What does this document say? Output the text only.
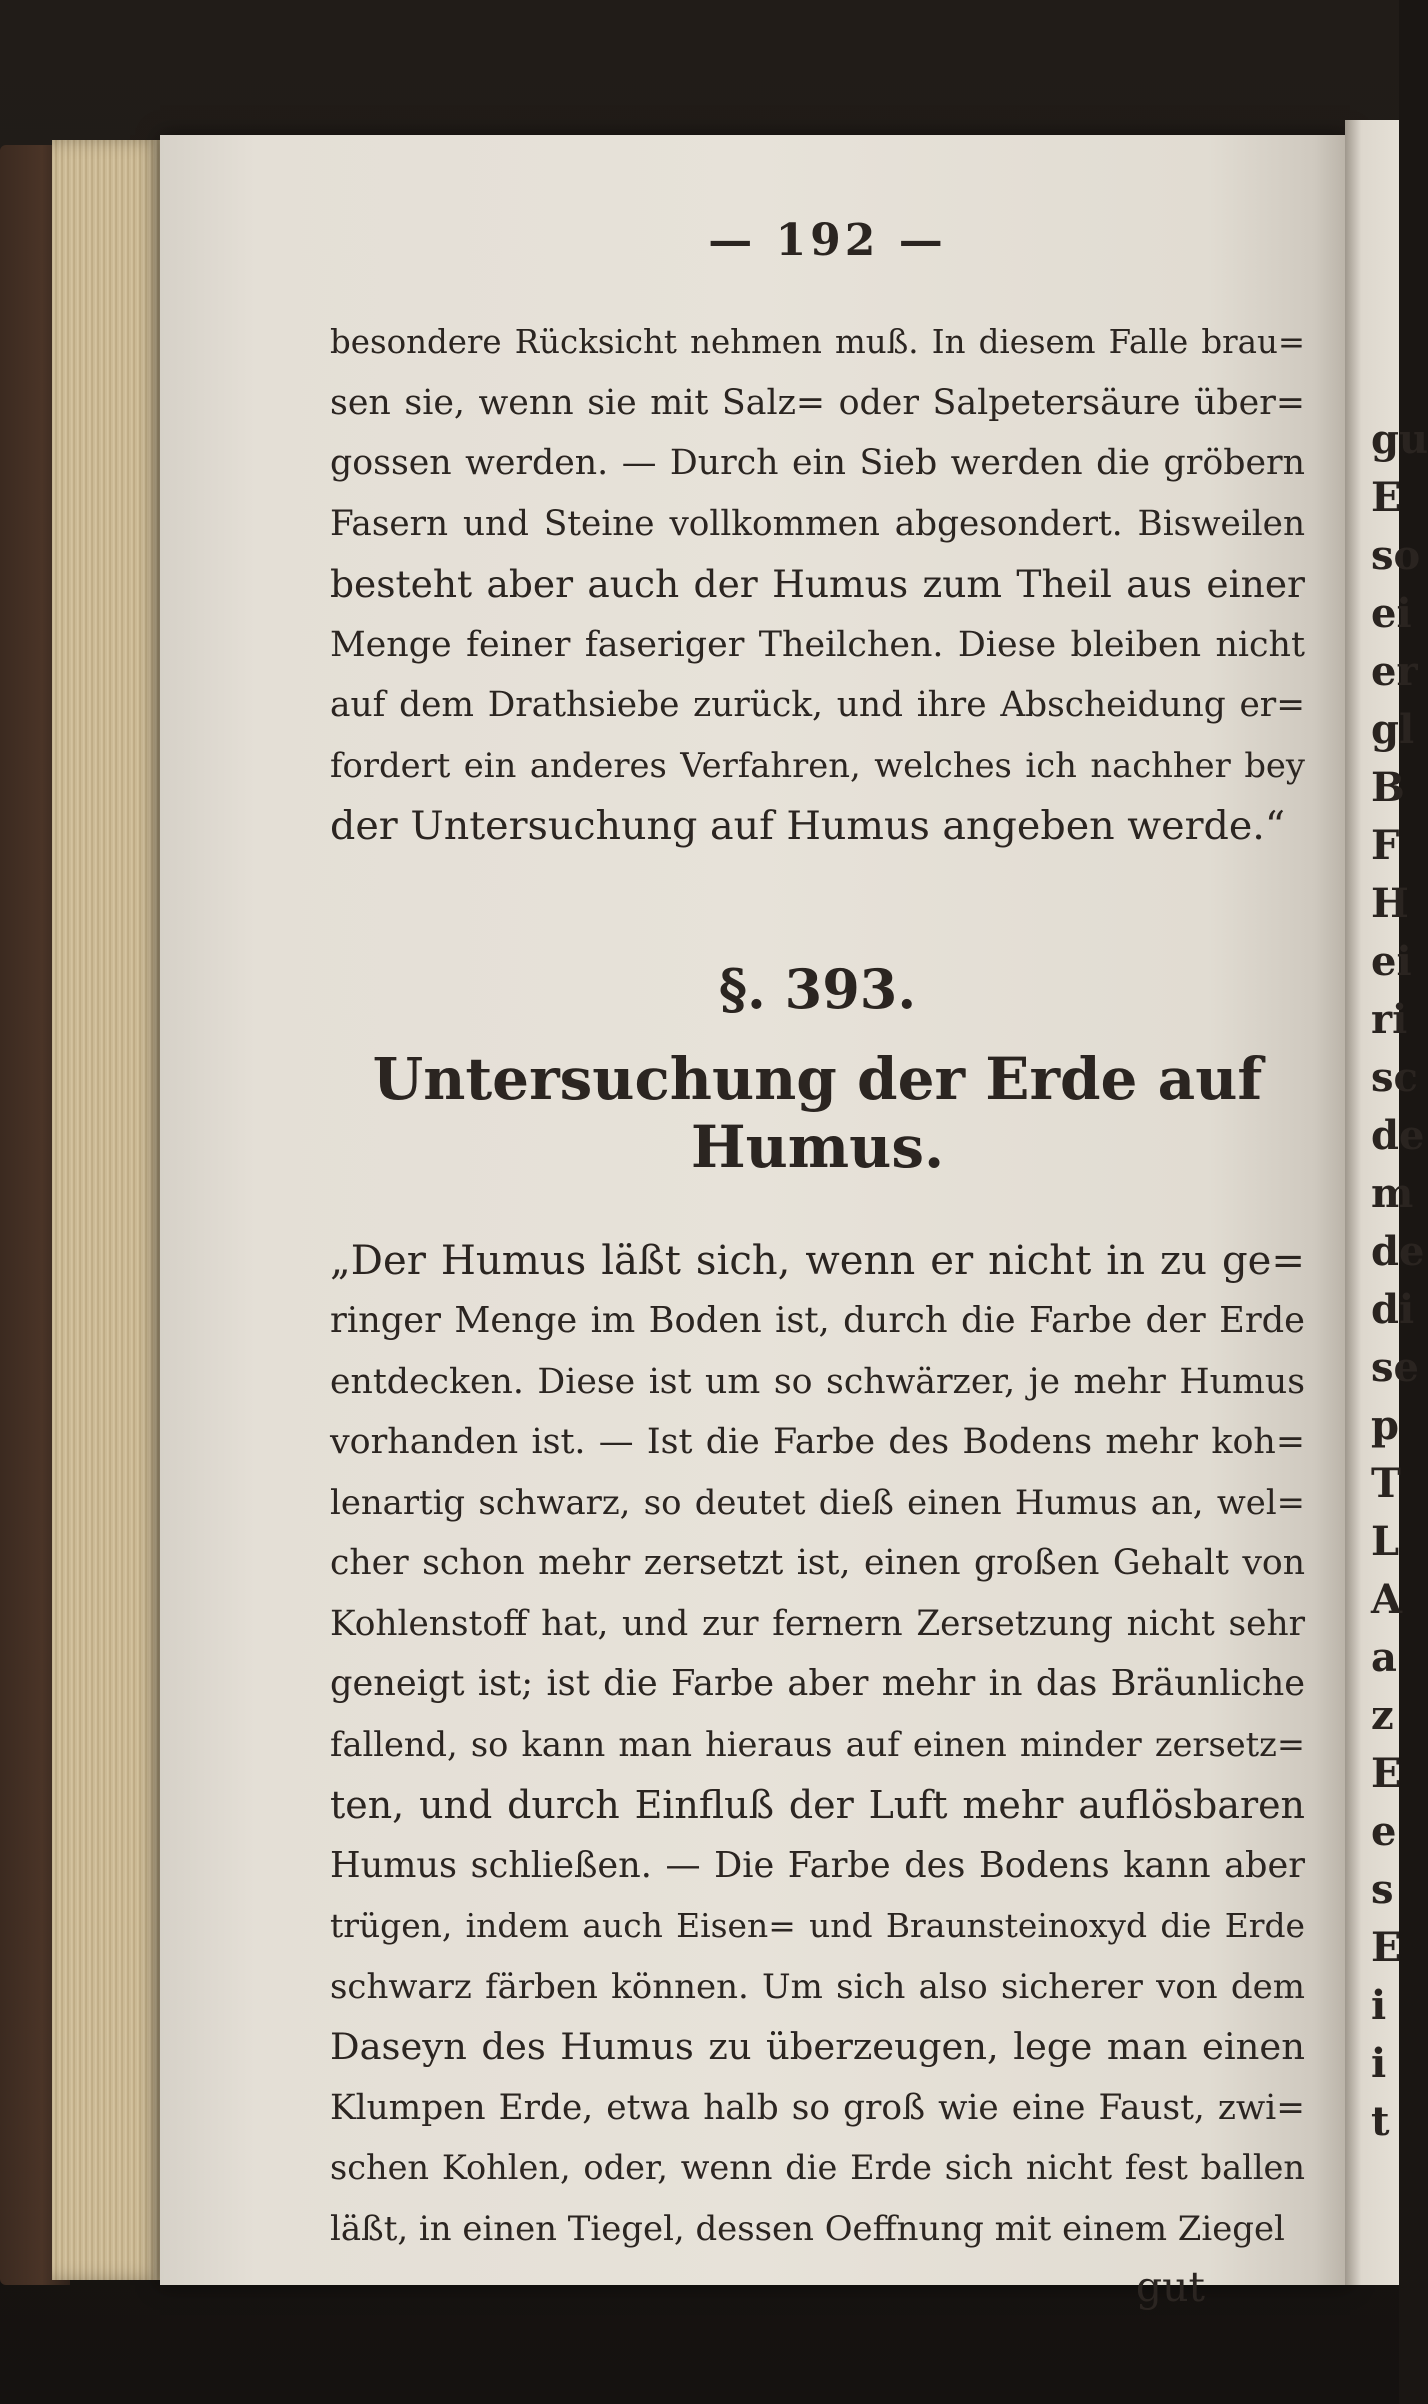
gu
E
so
ei
er
gl
B
F
H
ei
ri
sc
de
m
de
di
se
p
T
L
A
a
z
E
e
s
E
i
i
t
— 192 —

besondere Rücksicht nehmen muß. In diesem Falle brau=
sen sie, wenn sie mit Salz= oder Salpetersäure über=
gossen werden. — Durch ein Sieb werden die gröbern
Fasern und Steine vollkommen abgesondert. Bisweilen
besteht aber auch der Humus zum Theil aus einer
Menge feiner faseriger Theilchen. Diese bleiben nicht
auf dem Drathsiebe zurück, und ihre Abscheidung er=
fordert ein anderes Verfahren, welches ich nachher bey
der Untersuchung auf Humus angeben werde.“

§. 393.
Untersuchung der Erde auf Humus.

„Der Humus läßt sich, wenn er nicht in zu ge=
ringer Menge im Boden ist, durch die Farbe der Erde
entdecken. Diese ist um so schwärzer, je mehr Humus
vorhanden ist. — Ist die Farbe des Bodens mehr koh=
lenartig schwarz, so deutet dieß einen Humus an, wel=
cher schon mehr zersetzt ist, einen großen Gehalt von
Kohlenstoff hat, und zur fernern Zersetzung nicht sehr
geneigt ist; ist die Farbe aber mehr in das Bräunliche
fallend, so kann man hieraus auf einen minder zersetz=
ten, und durch Einfluß der Luft mehr auflösbaren
Humus schließen. — Die Farbe des Bodens kann aber
trügen, indem auch Eisen= und Braunsteinoxyd die Erde
schwarz färben können. Um sich also sicherer von dem
Daseyn des Humus zu überzeugen, lege man einen
Klumpen Erde, etwa halb so groß wie eine Faust, zwi=
schen Kohlen, oder, wenn die Erde sich nicht fest ballen
läßt, in einen Tiegel, dessen Oeffnung mit einem Ziegel

gut
